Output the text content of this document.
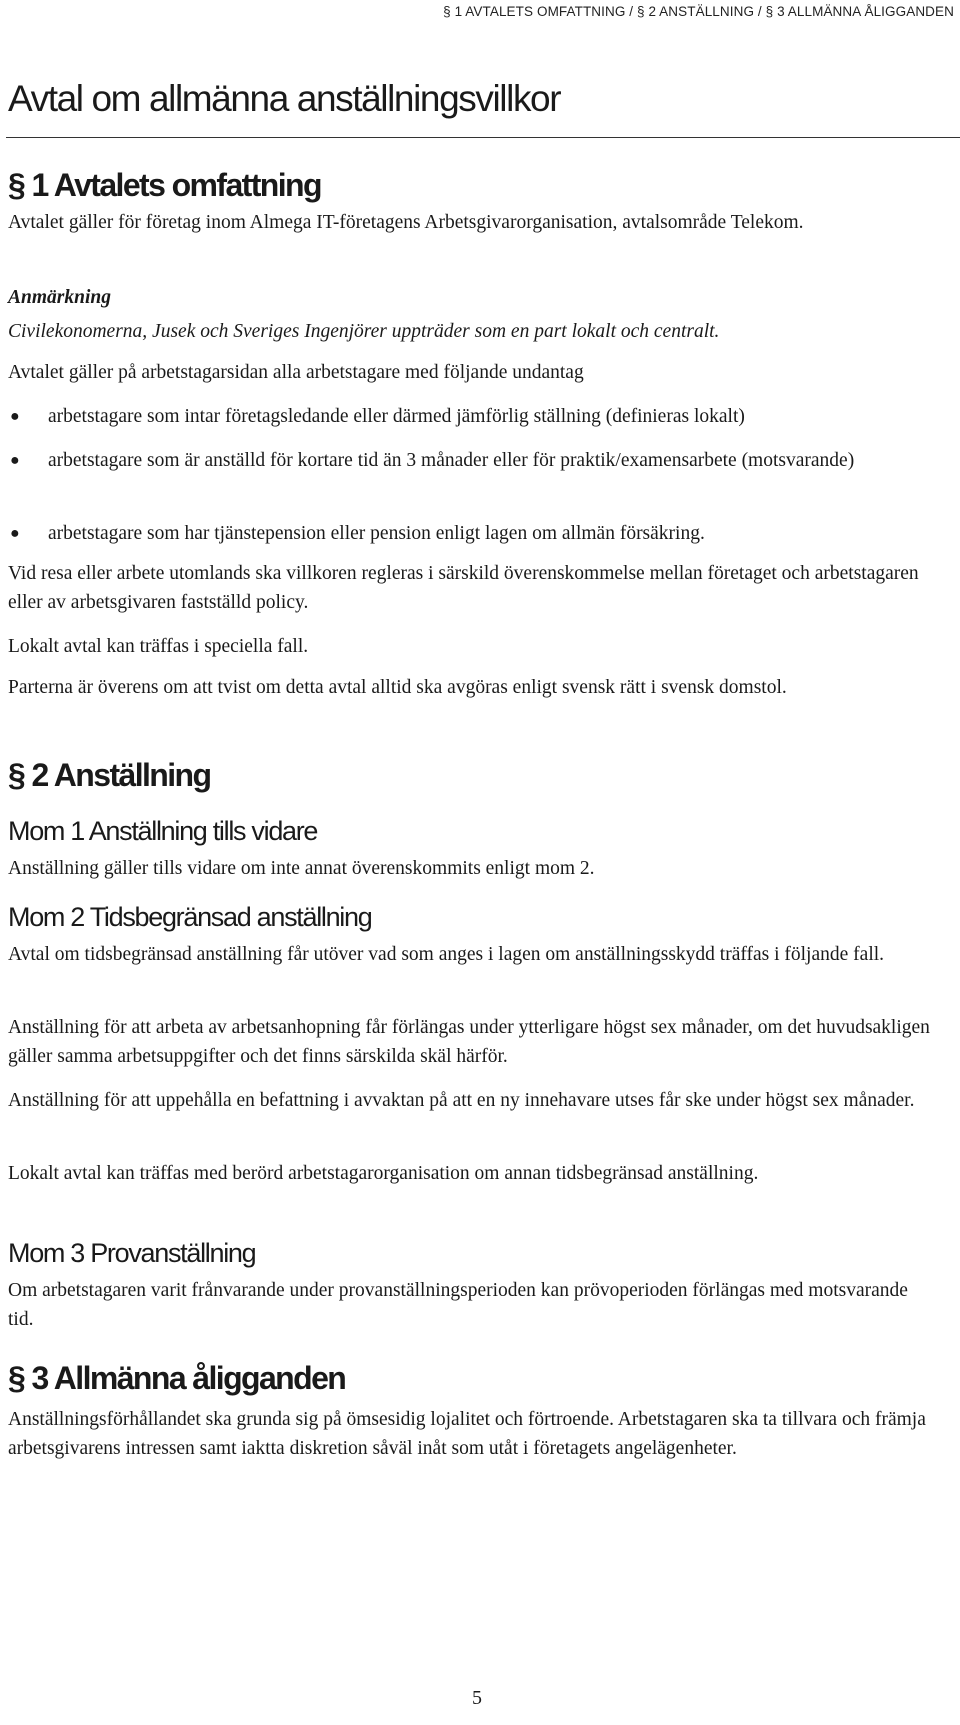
§ 1 AVTALETS OMFATTNING / § 2 ANSTÄLLNING / § 3 ALLMÄNNA ÅLIGGANDEN
Avtal om allmänna anställningsvillkor
§ 1 Avtalets omfattning

Avtalet gäller för företag inom Almega IT-företagens Arbetsgivarorganisation, avtalsområde Telekom.

Anmärkning

Civilekonomerna, Jusek och Sveriges Ingenjörer uppträder som en part lokalt och centralt.

Avtalet gäller på arbetstagarsidan alla arbetstagare med följande undantag

● arbetstagare som intar företagsledande eller därmed jämförlig ställning (definieras lokalt)
● arbetstagare som är anställd för kortare tid än 3 månader eller för praktik/examensarbete (motsvarande)
● arbetstagare som har tjänstepension eller pension enligt lagen om allmän försäkring.

Vid resa eller arbete utomlands ska villkoren regleras i särskild överenskommelse mellan företaget och arbetstagaren eller av arbetsgivaren fastställd policy.

Lokalt avtal kan träffas i speciella fall.

Parterna är överens om att tvist om detta avtal alltid ska avgöras enligt svensk rätt i svensk domstol.

§ 2 Anställning
Mom 1 Anställning tills vidare

Anställning gäller tills vidare om inte annat överenskommits enligt mom 2.

Mom 2 Tidsbegränsad anställning

Avtal om tidsbegränsad anställning får utöver vad som anges i lagen om anställningsskydd träffas i följande fall.

Anställning för att arbeta av arbetsanhopning får förlängas under ytterligare högst sex månader, om det huvudsakligen gäller samma arbetsuppgifter och det finns särskilda skäl härför.

Anställning för att uppehålla en befattning i avvaktan på att en ny innehavare utses får ske under högst sex månader.

Lokalt avtal kan träffas med berörd arbetstagarorganisation om annan tidsbegränsad anställning.

Mom 3 Provanställning

Om arbetstagaren varit frånvarande under provanställningsperioden kan prövoperioden förlängas med motsvarande tid.

§ 3 Allmänna åligganden

Anställningsförhållandet ska grunda sig på ömsesidig lojalitet och förtroende. Arbetstagaren ska ta tillvara och främja arbetsgivarens intressen samt iaktta diskretion såväl inåt som utåt i företagets angelägenheter.

5
